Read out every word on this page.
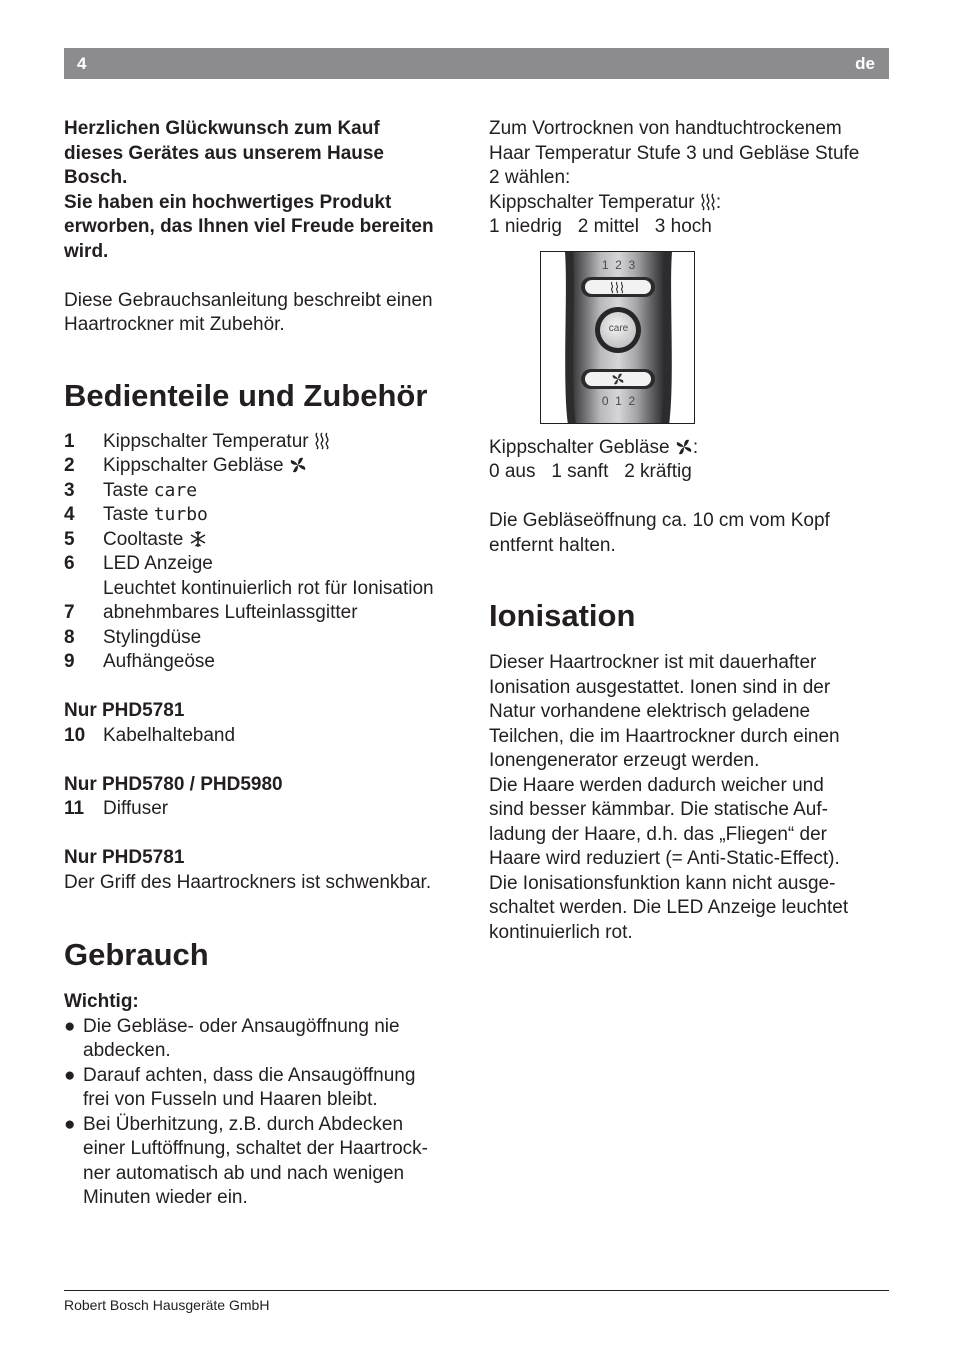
4	de

Herzlichen Glückwunsch zum Kauf

dieses Gerätes aus unserem Hause

Bosch.

Sie haben ein hochwertiges Produkt

erworben, das Ihnen viel Freude bereiten

wird.

Diese Gebrauchsanleitung beschreibt einen

Haartrockner mit Zubehör.

Bedienteile und Zubehör
1	Kippschalter Temperatur
2	Kippschalter Gebläse
3	Taste care
4	Taste turbo
5	Cooltaste
6	LED Anzeige
Leuchtet kontinuierlich rot für Ionisation
7	abnehmbares Lufteinlassgitter
8	Stylingdüse
9	Aufhängeöse

Nur PHD5781

10 Kabelhalteband

Nur PHD5780 / PHD5980

11 Diffuser

Nur PHD5781

Der Griff des Haartrockners ist schwenkbar.

Gebrauch

Wichtig:

● Die Gebläse- oder Ansaugöffnung nie

abdecken.

● Darauf achten, dass die Ansaugöffnung

frei von Fusseln und Haaren bleibt.

● Bei Überhitzung, z.B. durch Abdecken

einer Luftöffnung, schaltet der Haartrock-

ner automatisch ab und nach wenigen

Minuten wieder ein.

Zum Vortrocknen von handtuchtrockenem

Haar Temperatur Stufe 3 und Gebläse Stufe

2 wählen:

Kippschalter Temperatur :

1 niedrig   2 mittel   3 hoch

Kippschalter Gebläse :

0 aus   1 sanft   2 kräftig

Die Gebläseöffnung ca. 10 cm vom Kopf

entfernt halten.

Ionisation

Dieser Haartrockner ist mit dauerhafter

Ionisation ausgestattet. Ionen sind in der

Natur vorhandene elektrisch geladene

Teilchen, die im Haartrockner durch einen

Ionengenerator erzeugt werden.

Die Haare werden dadurch weicher und

sind besser kämmbar. Die statische Auf-

ladung der Haare, d.h. das „Fliegen“ der

Haare wird reduziert (= Anti-Static-Effect).

Die Ionisationsfunktion kann nicht ausge-

schaltet werden. Die LED Anzeige leuchtet

kontinuierlich rot.

1  2  3
care
0  1  2
Robert Bosch Hausgeräte GmbH
